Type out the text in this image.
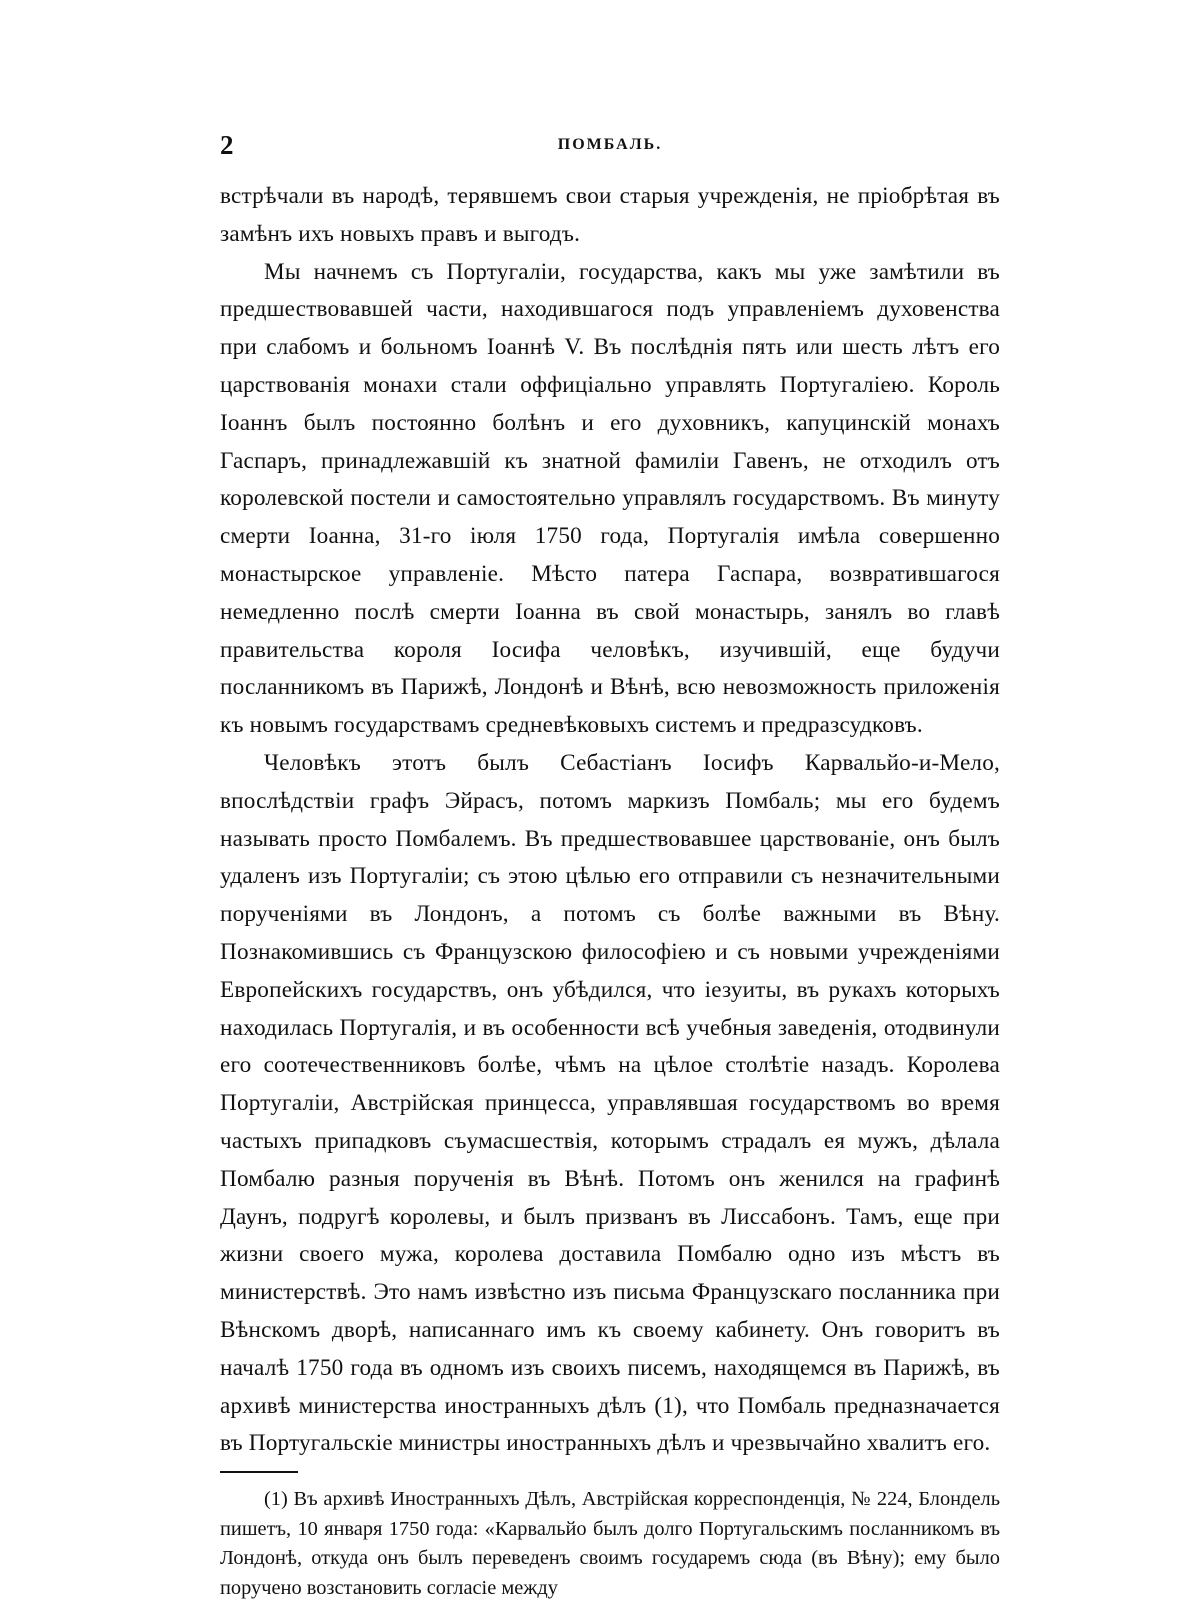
2	ПОМБАЛЬ.

встрѣчали въ народѣ, терявшемъ свои старыя учрежденія, не пріобрѣтая въ замѣнъ ихъ новыхъ правъ и выгодъ.

Мы начнемъ съ Португаліи, государства, какъ мы уже замѣтили въ предшествовавшей части, находившагося подъ управленіемъ духовенства при слабомъ и больномъ Іоаннѣ V. Въ послѣднія пять или шесть лѣтъ его царствованія монахи стали оффиціально управлять Португаліею. Король Іоаннъ былъ постоянно болѣнъ и его духовникъ, капуцинскій монахъ Гаспаръ, принадлежавшій къ знатной фамиліи Гавенъ, не отходилъ отъ королевской постели и самостоятельно управлялъ государствомъ. Въ минуту смерти Іоанна, 31-го іюля 1750 года, Португалія имѣла совершенно монастырское управленіе. Мѣсто патера Гаспара, возвратившагося немедленно послѣ смерти Іоанна въ свой монастырь, занялъ во главѣ правительства короля Іосифа человѣкъ, изучившій, еще будучи посланникомъ въ Парижѣ, Лондонѣ и Вѣнѣ, всю невозможность приложенія къ новымъ государствамъ средневѣковыхъ системъ и предразсудковъ.

Человѣкъ этотъ былъ Себастіанъ Іосифъ Карвальйо-и-Мело, впослѣдствіи графъ Эйрасъ, потомъ маркизъ Помбаль; мы его будемъ называть просто Помбалемъ. Въ предшествовавшее царствованіе, онъ былъ удаленъ изъ Португаліи; съ этою цѣлью его отправили съ незначительными порученіями въ Лондонъ, а потомъ съ болѣе важными въ Вѣну. Познакомившись съ Французскою философіею и съ новыми учрежденіями Европейскихъ государствъ, онъ убѣдился, что іезуиты, въ рукахъ которыхъ находилась Португалія, и въ особенности всѣ учебныя заведенія, отодвинули его соотечественниковъ болѣе, чѣмъ на цѣлое столѣтіе назадъ. Королева Португаліи, Австрійская принцесса, управлявшая государствомъ во время частыхъ припадковъ съумасшествія, которымъ страдалъ ея мужъ, дѣлала Помбалю разныя порученія въ Вѣнѣ. Потомъ онъ женился на графинѣ Даунъ, подругѣ королевы, и былъ призванъ въ Лиссабонъ. Тамъ, еще при жизни своего мужа, королева доставила Помбалю одно изъ мѣстъ въ министерствѣ. Это намъ извѣстно изъ письма Французскаго посланника при Вѣнскомъ дворѣ, написаннаго имъ къ своему кабинету. Онъ говоритъ въ началѣ 1750 года въ одномъ изъ своихъ писемъ, находящемся въ Парижѣ, въ архивѣ министерства иностранныхъ дѣлъ (1), что Помбаль предназначается въ Португальскіе министры иностранныхъ дѣлъ и чрезвычайно хвалитъ его.

(1) Въ архивѣ Иностранныхъ Дѣлъ, Австрійская корреспонденція, № 224, Блондель пишетъ, 10 января 1750 года: «Карвальйо былъ долго Португальскимъ посланникомъ въ Лондонѣ, откуда онъ былъ переведенъ своимъ государемъ сюда (въ Вѣну); ему было поручено возстановить согласіе между
